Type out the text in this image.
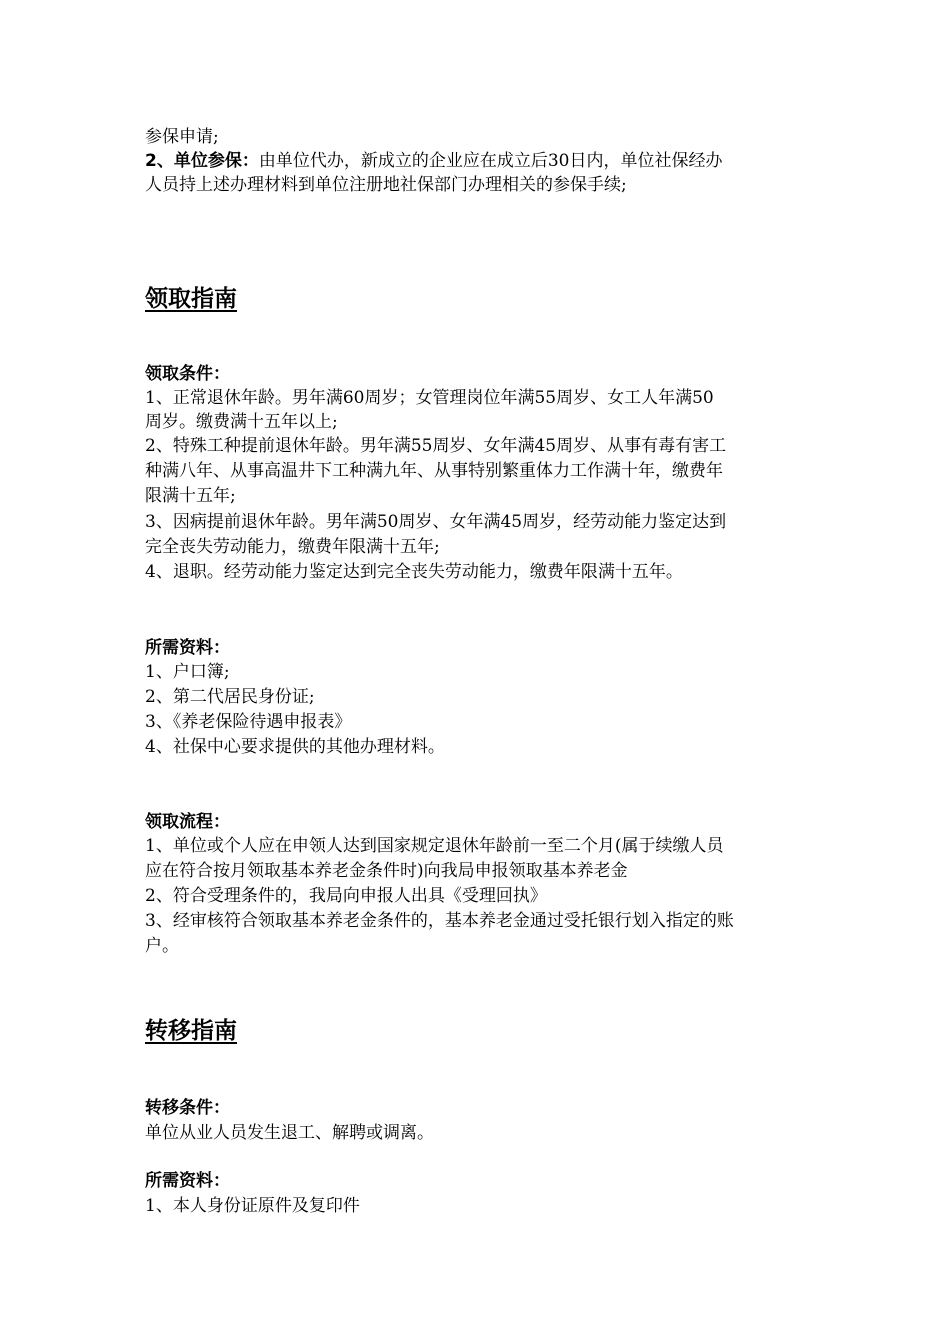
参保申请;
2、单位参保：由单位代办，新成立的企业应在成立后30日内，单位社保经办
人员持上述办理材料到单位注册地社保部门办理相关的参保手续;
领取指南
领取条件：
1、正常退休年龄。男年满60周岁；女管理岗位年满55周岁、女工人年满50
周岁。缴费满十五年以上;
2、特殊工种提前退休年龄。男年满55周岁、女年满45周岁、从事有毒有害工
种满八年、从事高温井下工种满九年、从事特别繁重体力工作满十年，缴费年
限满十五年;
3、因病提前退休年龄。男年满50周岁、女年满45周岁，经劳动能力鉴定达到
完全丧失劳动能力，缴费年限满十五年;
4、退职。经劳动能力鉴定达到完全丧失劳动能力，缴费年限满十五年。
所需资料：
1、户口簿;
2、第二代居民身份证;
3、《养老保险待遇申报表》
4、社保中心要求提供的其他办理材料。
领取流程：
1、单位或个人应在申领人达到国家规定退休年龄前一至二个月(属于续缴人员
应在符合按月领取基本养老金条件时)向我局申报领取基本养老金
2、符合受理条件的，我局向申报人出具《受理回执》
3、经审核符合领取基本养老金条件的，基本养老金通过受托银行划入指定的账
户。
转移指南
转移条件：
单位从业人员发生退工、解聘或调离。
所需资料：
1、本人身份证原件及复印件
